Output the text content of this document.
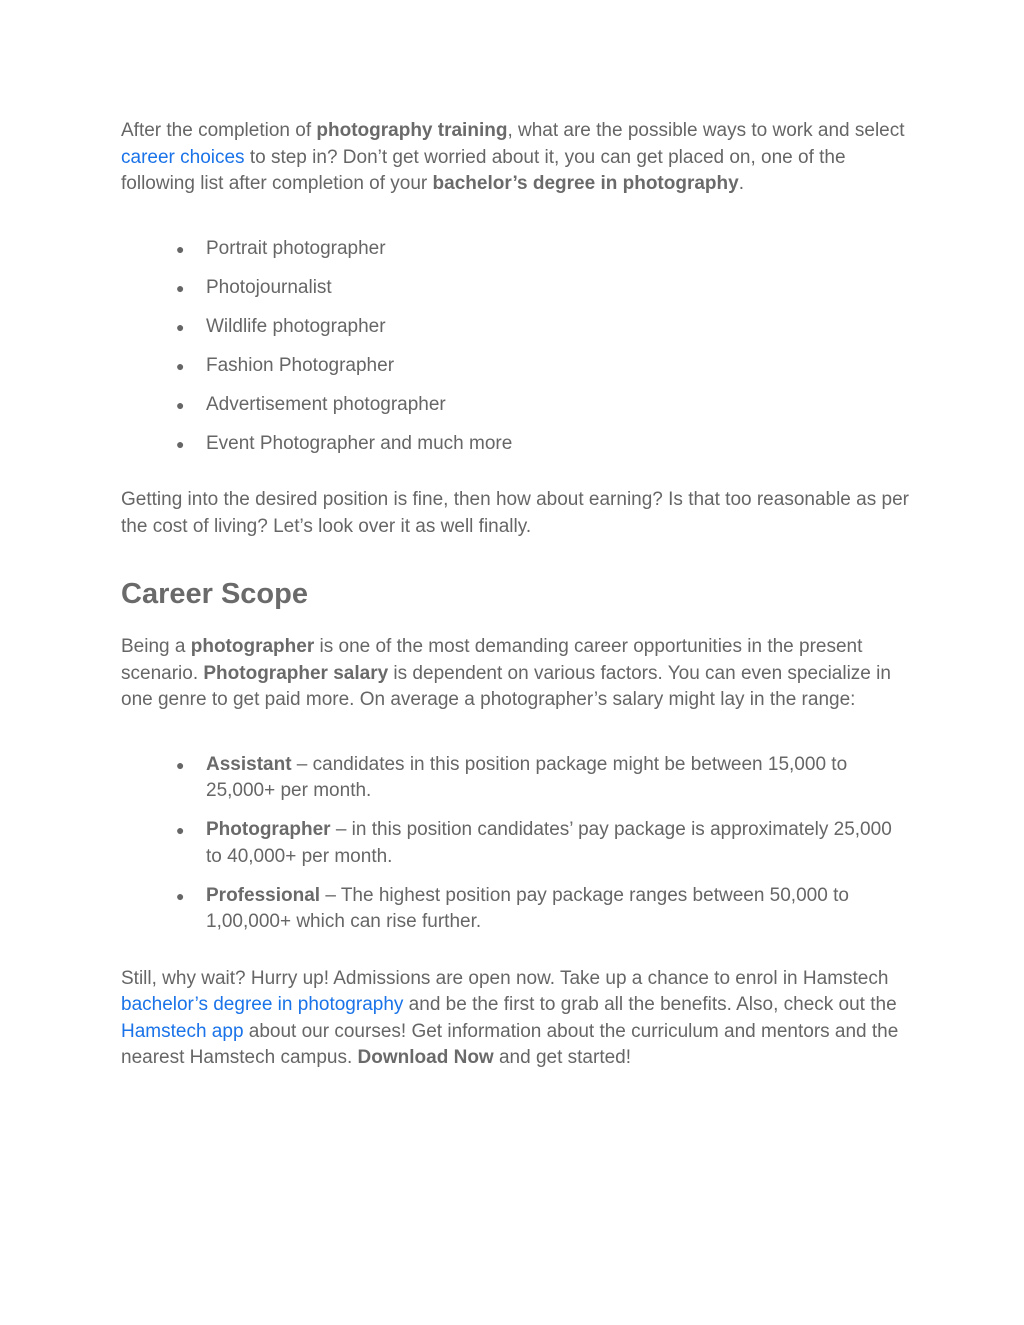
After the completion of photography training, what are the possible ways to work and select career choices to step in? Don’t get worried about it, you can get placed on, one of the following list after completion of your bachelor’s degree in photography.

● Portrait photographer
● Photojournalist
● Wildlife photographer
● Fashion Photographer
● Advertisement photographer
● Event Photographer and much more

Getting into the desired position is fine, then how about earning? Is that too reasonable as per the cost of living? Let’s look over it as well finally.

Career Scope

Being a photographer is one of the most demanding career opportunities in the present scenario. Photographer salary is dependent on various factors. You can even specialize in one genre to get paid more. On average a photographer’s salary might lay in the range:

● Assistant – candidates in this position package might be between 15,000 to 25,000+ per month.
● Photographer – in this position candidates’ pay package is approximately 25,000 to 40,000+ per month.
● Professional – The highest position pay package ranges between 50,000 to 1,00,000+ which can rise further.

Still, why wait? Hurry up! Admissions are open now. Take up a chance to enrol in Hamstech bachelor’s degree in photography and be the first to grab all the benefits. Also, check out the Hamstech app about our courses! Get information about the curriculum and mentors and the nearest Hamstech campus. Download Now and get started!
